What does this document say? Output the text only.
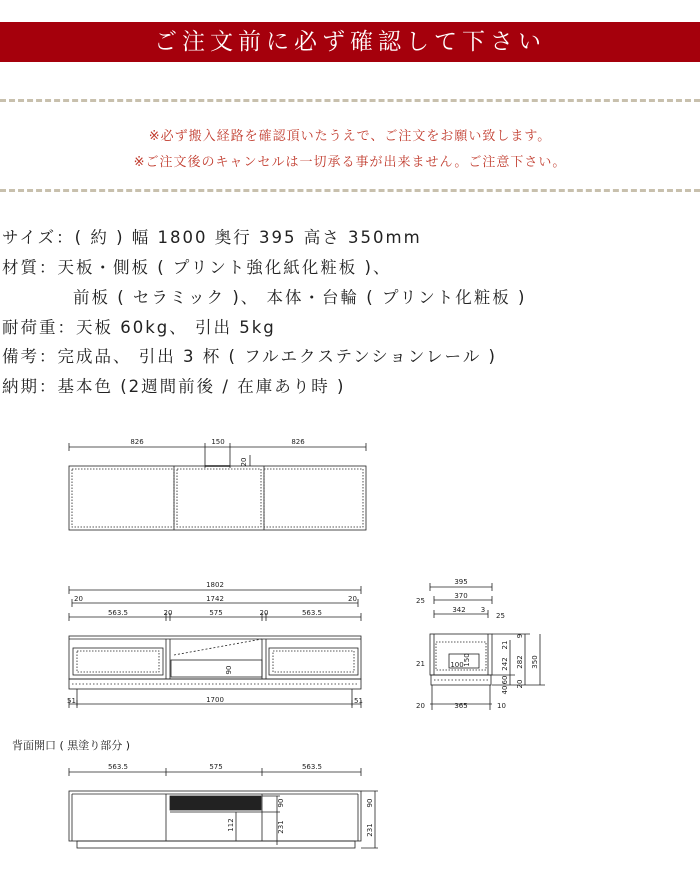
ご注文前に必ず確認して下さい
※必ず搬入経路を確認頂いたうえで、ご注文をお願い致します。
※ご注文後のキャンセルは一切承る事が出来ません。ご注意下さい。
サイズ：( 約 ) 幅 1800 奥行 395 高さ 350mm
材質：天板・側板 ( プリント強化紙化粧板 )、
前板 ( セラミック )、 本体・台輪 ( プリント化粧板 )
耐荷重：天板 60kg、 引出 5kg
備考：完成品、 引出 3 杯 ( フルエクステンションレール )
納期：基本色 (2週間前後 / 在庫あり時 )
826	150	826
20
1802
1742
20	20
563.5	20	575	20	563.5
90
51	1700	51
395
370
25
25
342 3
100 150
21
20	365	10
9
242 282 350
21
60
40
20
563.5	575	563.5
90
112	231
90
231
背面開口 ( 黒塗り部分 )
